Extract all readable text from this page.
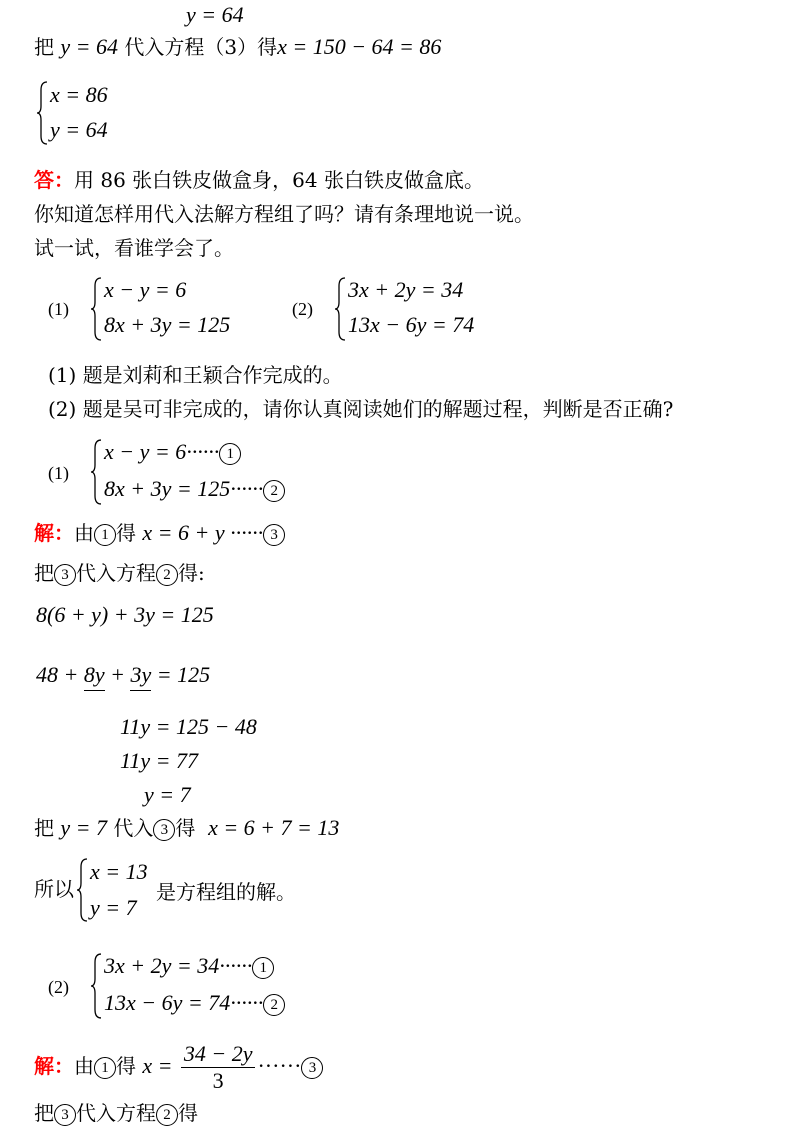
y = 64
把 y = 64 代入方程（3）得x = 150 − 64 = 86
x = 86
y = 64
答：用 86 张白铁皮做盒身，64 张白铁皮做盒底。
你知道怎样用代入法解方程组了吗？请有条理地说一说。
试一试，看谁学会了。
(1)
x − y = 6
8x + 3y = 125
(2)
3x + 2y = 34
13x − 6y = 74
(1) 题是刘莉和王颖合作完成的。
(2) 题是吴可非完成的，请你认真阅读她们的解题过程，判断是否正确?
(1)
x − y = 6······ 1
8x + 3y = 125······ 2
解：由 1 得 x = 6 + y ······ 3
把 3 代入方程 2 得:
8(6 + y) + 3y = 125
48 + 8y + 3y = 125
11y = 125 − 48
11y = 77
y = 7
把 y = 7 代入 3 得 x = 6 + 7 = 13
所以
x = 13
y = 7
是方程组的解。
(2)
3x + 2y = 34······ 1
13x − 6y = 74······ 2
解：由 1 得 $x = \frac{34 - 2y}{3}$ ······ 3
把 3 代入方程 2 得
